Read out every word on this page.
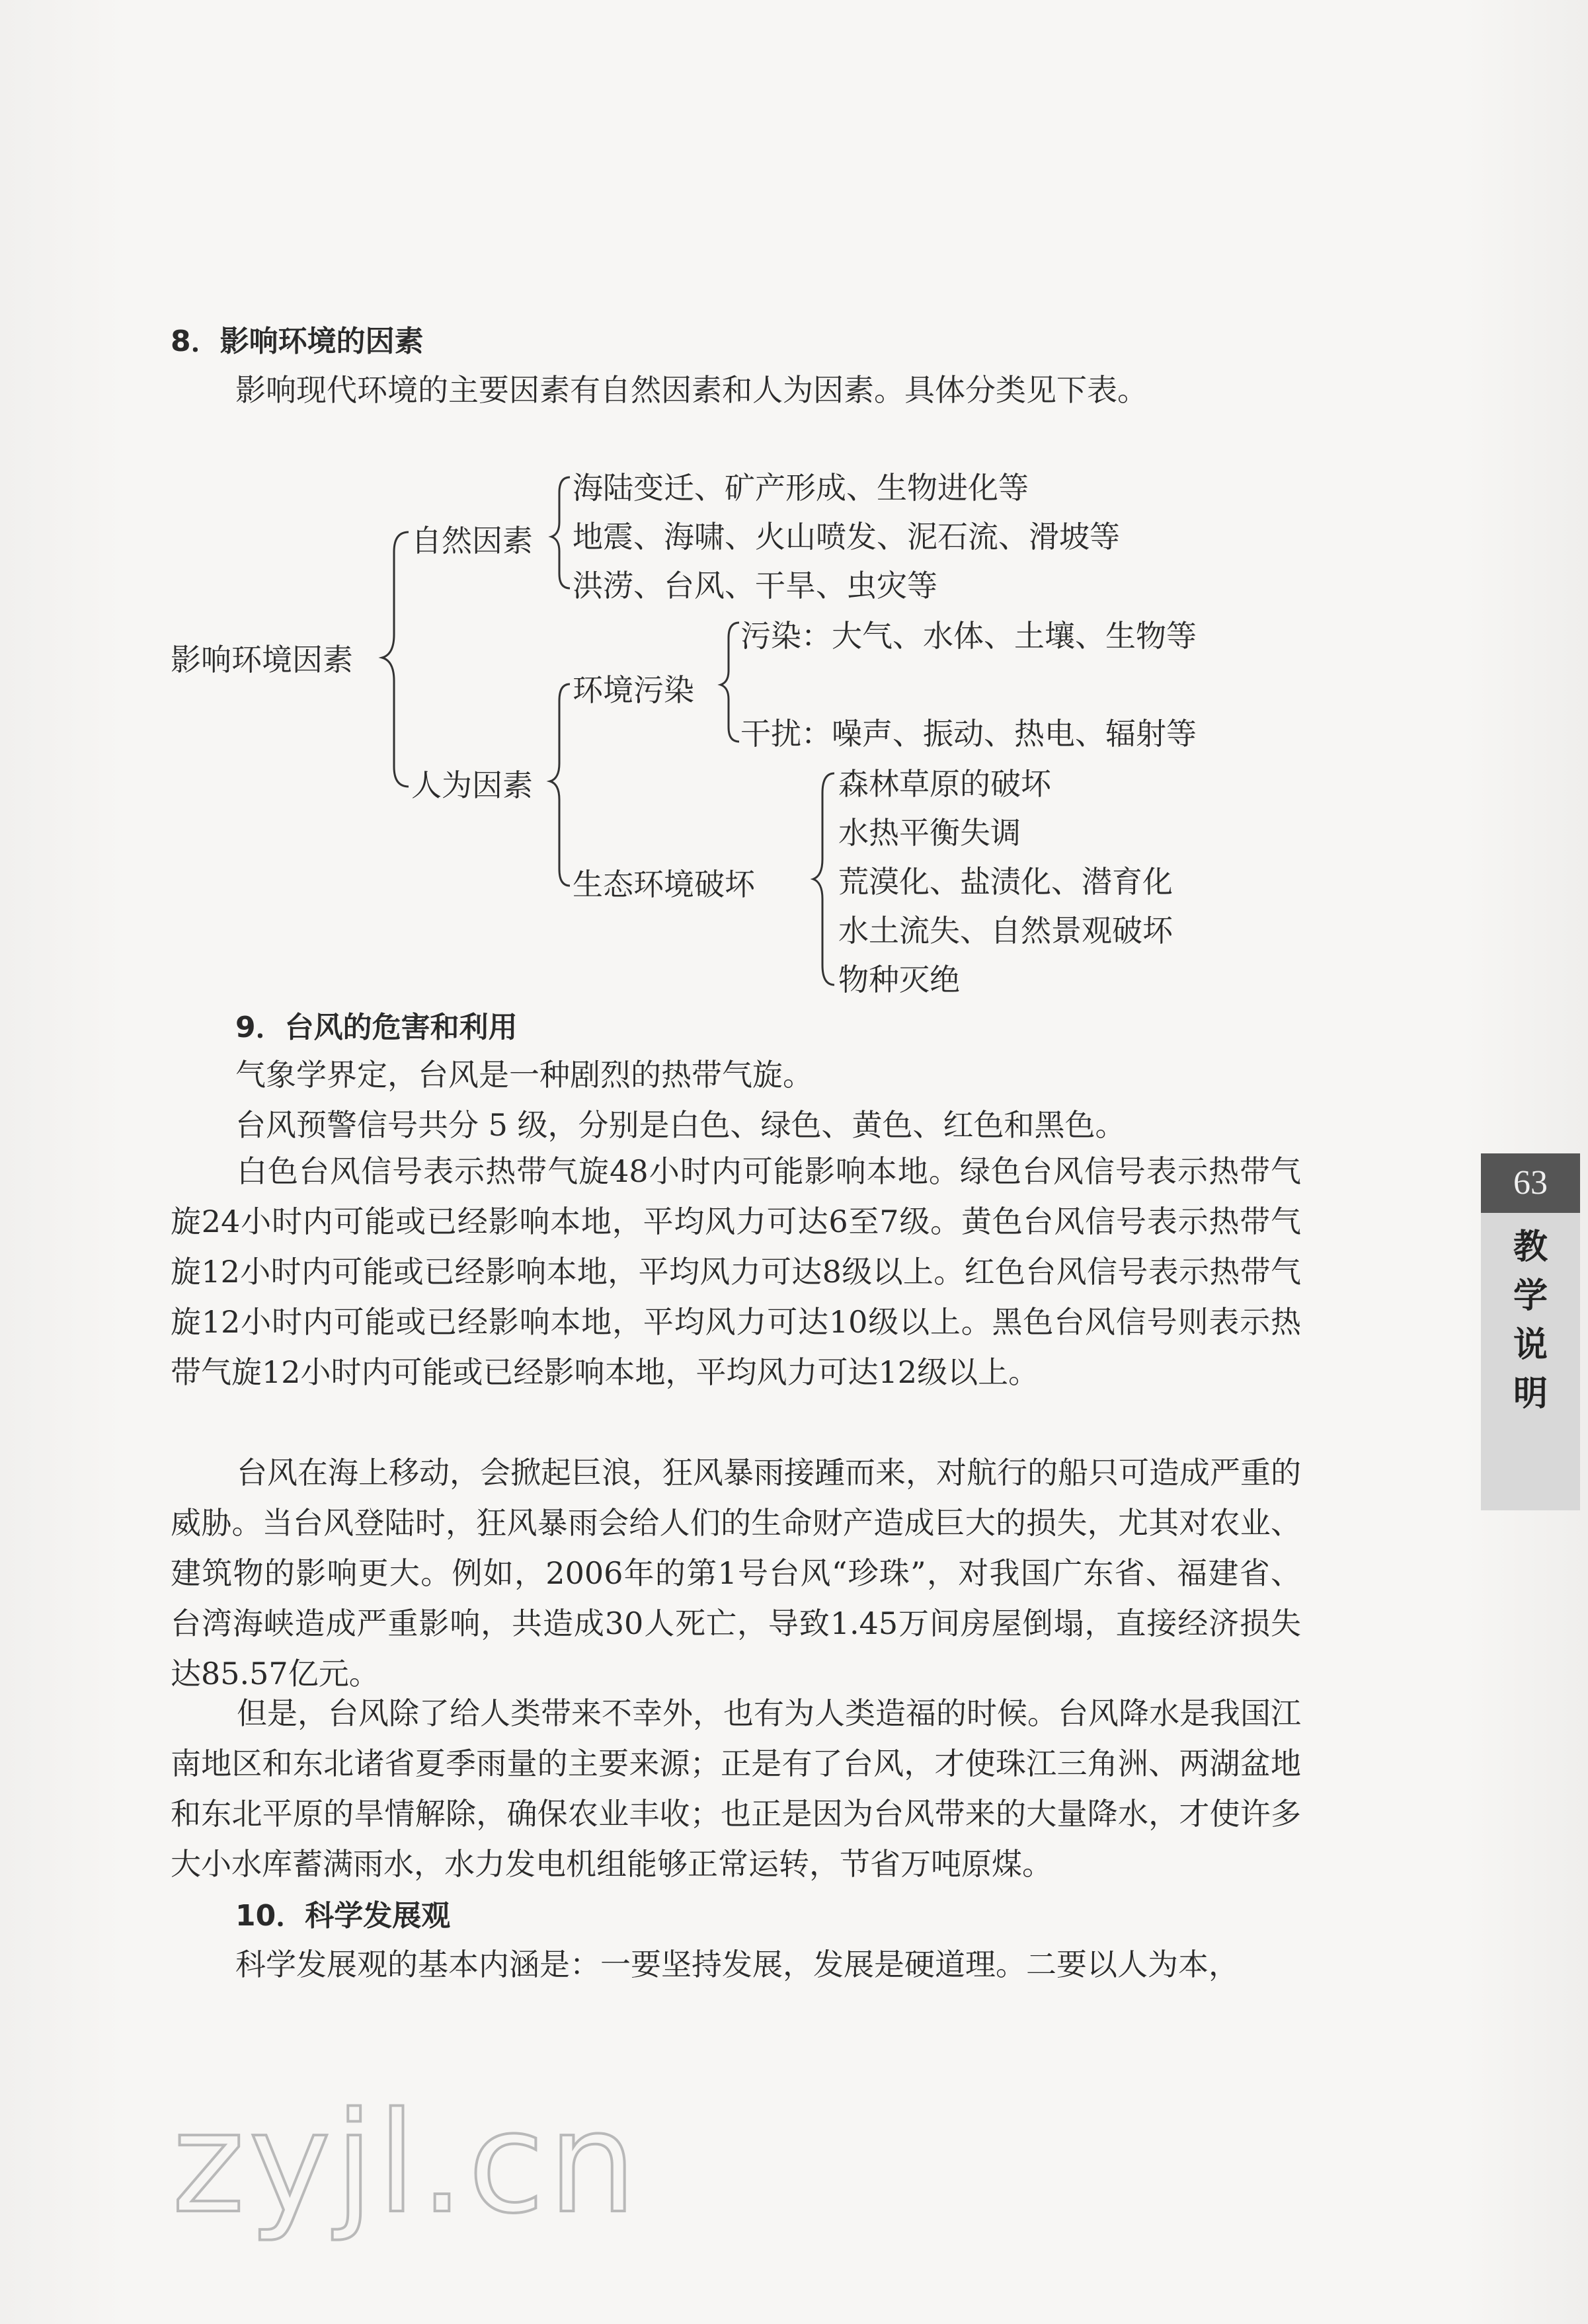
8．影响环境的因素
影响现代环境的主要因素有自然因素和人为因素。具体分类见下表。
影响环境因素
自然因素
海陆变迁、矿产形成、生物进化等
地震、海啸、火山喷发、泥石流、滑坡等
洪涝、台风、干旱、虫灾等
人为因素
环境污染
污染：大气、水体、土壤、生物等
干扰：噪声、振动、热电、辐射等
生态环境破坏
森林草原的破坏
水热平衡失调
荒漠化、盐渍化、潜育化
水土流失、自然景观破坏
物种灭绝
9．台风的危害和利用
气象学界定，台风是一种剧烈的热带气旋。
台风预警信号共分 5 级，分别是白色、绿色、黄色、红色和黑色。
白色台风信号表示热带气旋48小时内可能影响本地。绿色台风信号表示热带气旋24小时内可能或已经影响本地，平均风力可达6至7级。黄色台风信号表示热带气旋12小时内可能或已经影响本地，平均风力可达8级以上。红色台风信号表示热带气旋12小时内可能或已经影响本地，平均风力可达10级以上。黑色台风信号则表示热带气旋12小时内可能或已经影响本地，平均风力可达12级以上。
台风在海上移动，会掀起巨浪，狂风暴雨接踵而来，对航行的船只可造成严重的威胁。当台风登陆时，狂风暴雨会给人们的生命财产造成巨大的损失，尤其对农业、建筑物的影响更大。例如，2006年的第1号台风“珍珠”，对我国广东省、福建省、台湾海峡造成严重影响，共造成30人死亡，导致1.45万间房屋倒塌，直接经济损失达85.57亿元。
但是，台风除了给人类带来不幸外，也有为人类造福的时候。台风降水是我国江南地区和东北诸省夏季雨量的主要来源；正是有了台风，才使珠江三角洲、两湖盆地和东北平原的旱情解除，确保农业丰收；也正是因为台风带来的大量降水，才使许多大小水库蓄满雨水，水力发电机组能够正常运转，节省万吨原煤。
10．科学发展观
科学发展观的基本内涵是：一要坚持发展，发展是硬道理。二要以人为本，
63
教
学
说
明
zyjl.cn
